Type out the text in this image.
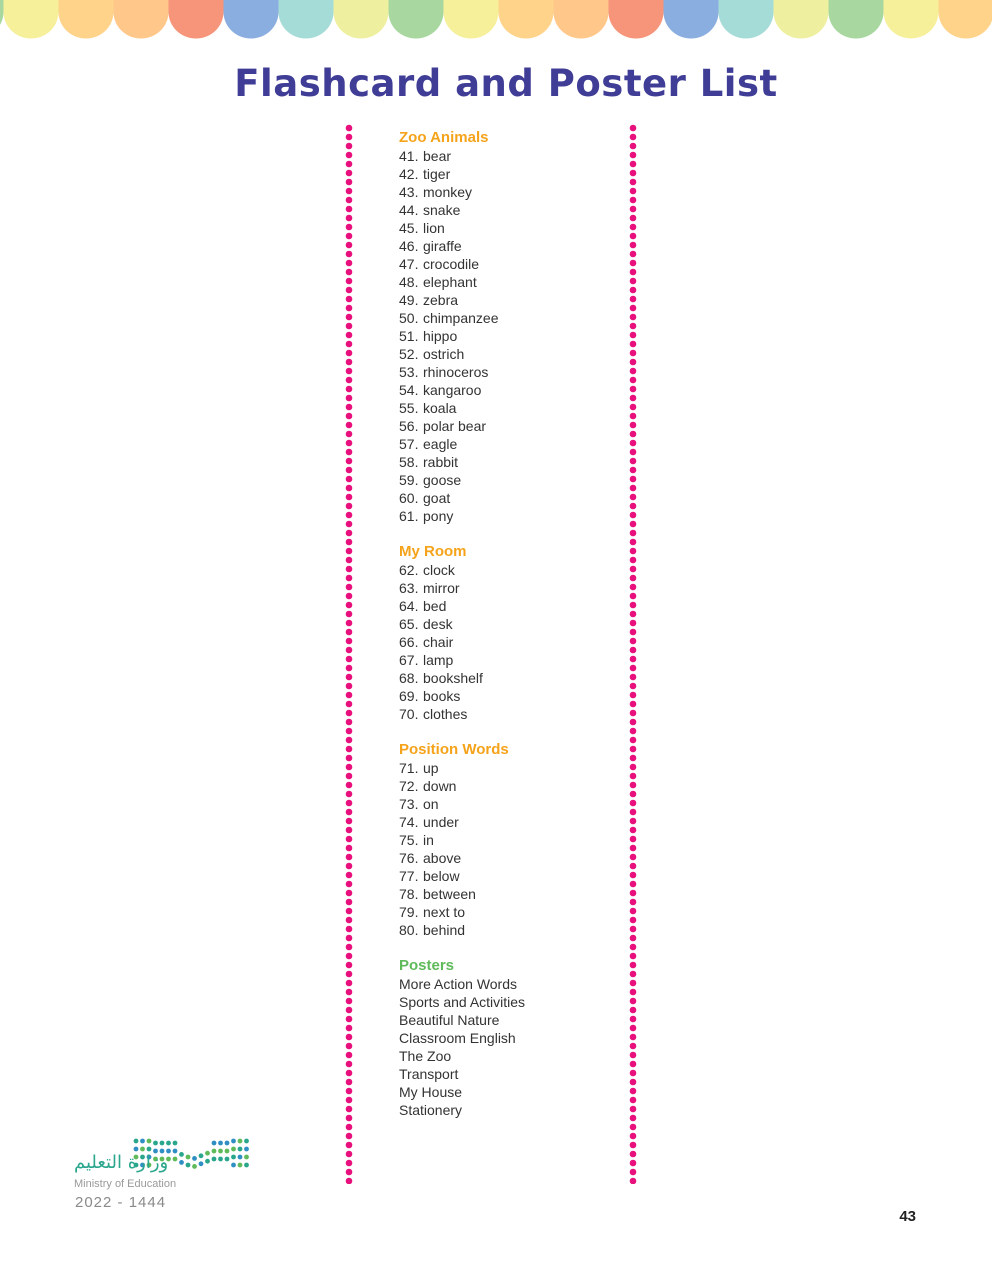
Flashcard and Poster List
Zoo Animals
41. bear
42. tiger
43. monkey
44. snake
45. lion
46. giraffe
47. crocodile
48. elephant
49. zebra
50. chimpanzee
51. hippo
52. ostrich
53. rhinoceros
54. kangaroo
55. koala
56. polar bear
57. eagle
58. rabbit
59. goose
60. goat
61. pony
My Room
62. clock
63. mirror
64. bed
65. desk
66. chair
67. lamp
68. bookshelf
69. books
70. clothes
Position Words
71. up
72. down
73. on
74. under
75. in
76. above
77. below
78. between
79. next to
80. behind
Posters
More Action Words
Sports and Activities
Beautiful Nature
Classroom English
The Zoo
Transport
My House
Stationery
وزارة التعليم
Ministry of Education
2022 - 1444
43
